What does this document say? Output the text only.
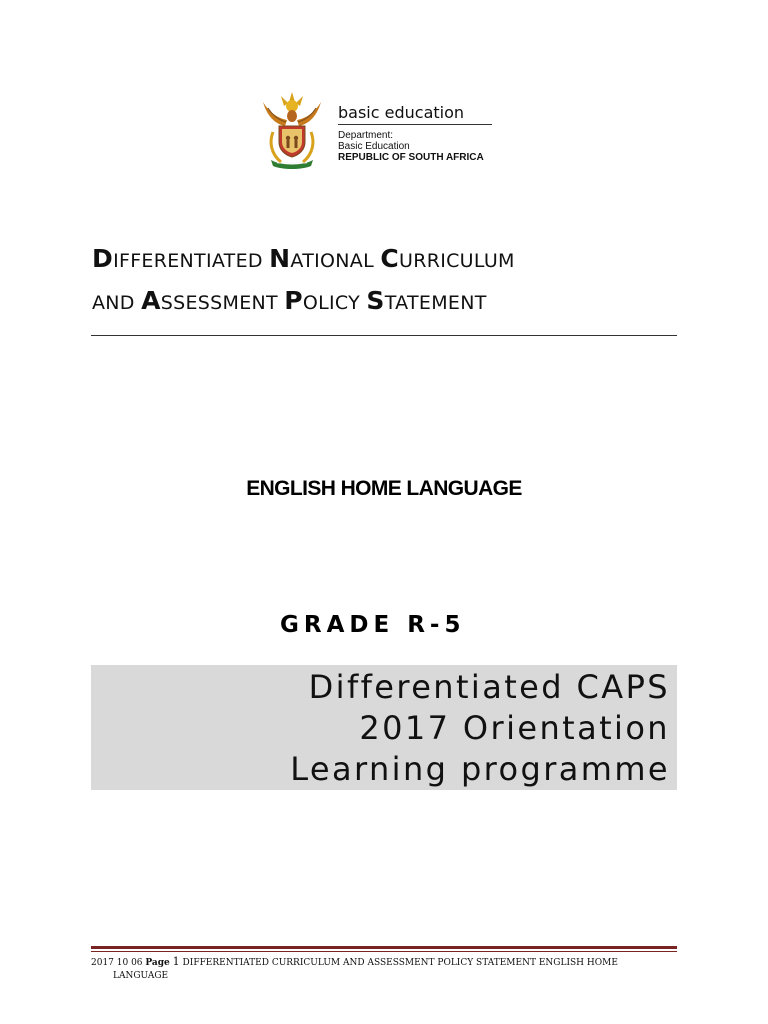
basic education
Department:
Basic Education
REPUBLIC OF SOUTH AFRICA
DIFFERENTIATED NATIONAL CURRICULUM
AND ASSESSMENT POLICY STATEMENT
ENGLISH HOME LANGUAGE
GRADE R-5
Differentiated CAPS
2017 Orientation
Learning programme
2017 10 06 Page 1 DIFFERENTIATED CURRICULUM AND ASSESSMENT POLICY STATEMENT ENGLISH HOME
LANGUAGE
